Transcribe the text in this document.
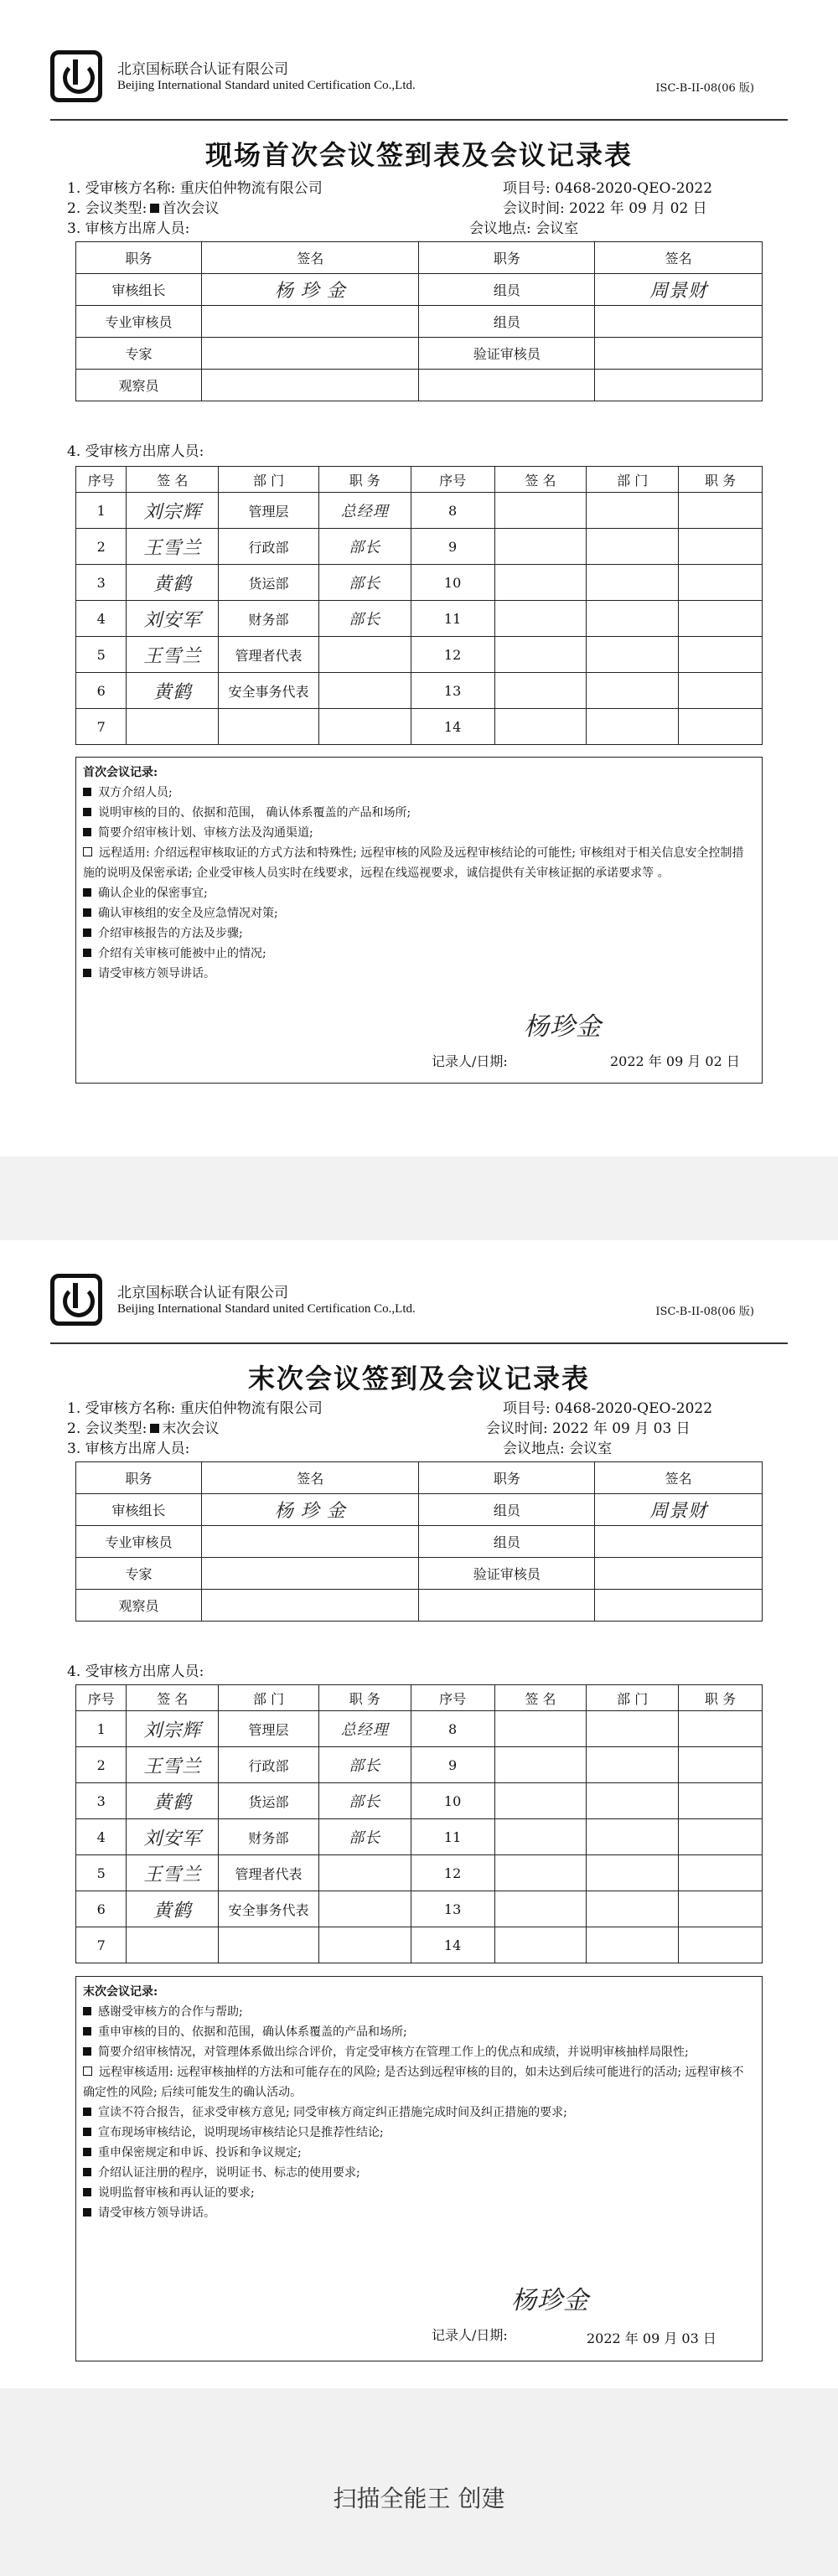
北京国标联合认证有限公司
Beijing International Standard united Certification Co.,Ltd.	ISC-B-II-08(06 版)
现场首次会议签到表及会议记录表
1. 受审核方名称: 重庆伯仲物流有限公司	项目号: 0468-2020-QEO-2022
2. 会议类型: 首次会议	会议时间: 2022 年 09 月 02 日
3. 审核方出席人员:	会议地点: 会议室
职务	签名	职务	签名
审核组长	杨 珍 金	组员	周景财
专业审核员		组员	
专家		验证审核员	
观察员			
4. 受审核方出席人员:
序号	签 名	部 门	职 务	序号	签 名	部 门	职 务
1	刘宗辉	管理层	总经理	8			
2	王雪兰	行政部	部长	9			
3	黄鹤	货运部	部长	10			
4	刘安军	财务部	部长	11			
5	王雪兰	管理者代表		12			
6	黄鹤	安全事务代表		13			
7				14			
首次会议记录:
双方介绍人员;
说明审核的目的、依据和范围， 确认体系覆盖的产品和场所;
简要介绍审核计划、审核方法及沟通渠道;
远程适用: 介绍远程审核取证的方式方法和特殊性; 远程审核的风险及远程审核结论的可能性; 审核组对于相关信息安全控制措施的说明及保密承诺; 企业受审核人员实时在线要求，远程在线巡视要求，诚信提供有关审核证据的承诺要求等 。
确认企业的保密事宜;
确认审核组的安全及应急情况对策;
介绍审核报告的方法及步骤;
介绍有关审核可能被中止的情况;
请受审核方领导讲话。
记录人/日期:
杨珍金
2022 年 09 月 02 日
北京国标联合认证有限公司
Beijing International Standard united Certification Co.,Ltd.	ISC-B-II-08(06 版)
末次会议签到及会议记录表
1. 受审核方名称: 重庆伯仲物流有限公司	项目号: 0468-2020-QEO-2022
2. 会议类型: 末次会议	会议时间: 2022 年 09 月 03 日
3. 审核方出席人员:	会议地点: 会议室
职务	签名	职务	签名
审核组长	杨 珍 金	组员	周景财
专业审核员		组员	
专家		验证审核员	
观察员			
4. 受审核方出席人员:
序号	签 名	部 门	职 务	序号	签 名	部 门	职 务
1	刘宗辉	管理层	总经理	8			
2	王雪兰	行政部	部长	9			
3	黄鹤	货运部	部长	10			
4	刘安军	财务部	部长	11			
5	王雪兰	管理者代表		12			
6	黄鹤	安全事务代表		13			
7				14			
末次会议记录:
感谢受审核方的合作与帮助;
重申审核的目的、依据和范围，确认体系覆盖的产品和场所;
简要介绍审核情况，对管理体系做出综合评价，肯定受审核方在管理工作上的优点和成绩，并说明审核抽样局限性;
远程审核适用: 远程审核抽样的方法和可能存在的风险; 是否达到远程审核的目的，如未达到后续可能进行的活动; 远程审核不确定性的风险; 后续可能发生的确认活动。
宣读不符合报告，征求受审核方意见; 同受审核方商定纠正措施完成时间及纠正措施的要求;
宣布现场审核结论，说明现场审核结论只是推荐性结论;
重申保密规定和申诉、投诉和争议规定;
介绍认证注册的程序，说明证书、标志的使用要求;
说明监督审核和再认证的要求;
请受审核方领导讲话。
记录人/日期:
杨珍金
2022 年 09 月 03 日
扫描全能王 创建
